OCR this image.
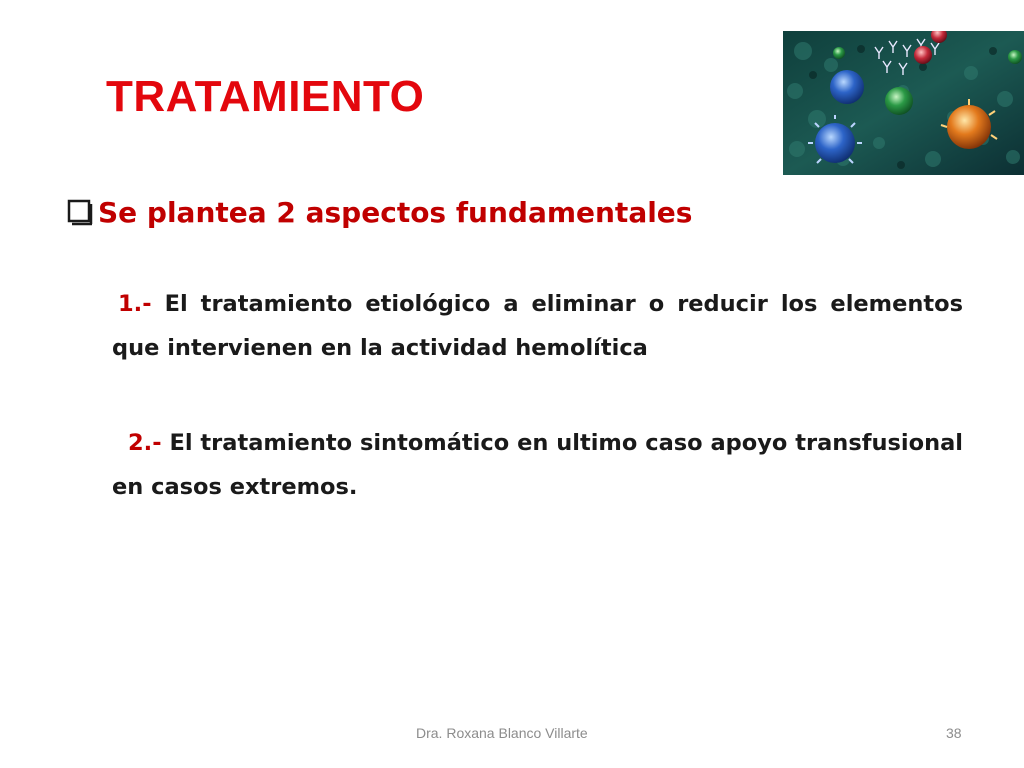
TRATAMIENTO
Se plantea 2 aspectos fundamentales
1.- El tratamiento etiológico a eliminar o reducir los elementos que intervienen en la actividad hemolítica
2.- El tratamiento sintomático en ultimo caso apoyo transfusional en casos extremos.
Dra. Roxana Blanco Villarte	38
